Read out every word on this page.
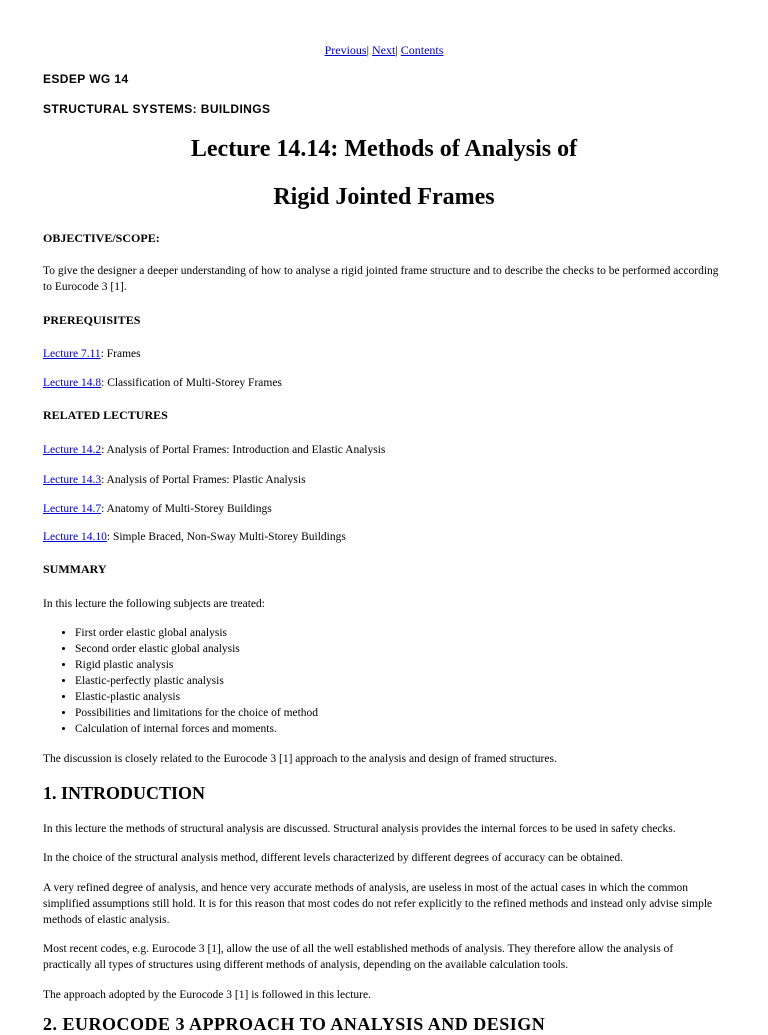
Previous| Next| Contents
ESDEP WG 14
STRUCTURAL SYSTEMS: BUILDINGS
Lecture 14.14: Methods of Analysis of
Rigid Jointed Frames
OBJECTIVE/SCOPE:
To give the designer a deeper understanding of how to analyse a rigid jointed frame structure and to describe the checks to be performed according to Eurocode 3 [1].
PREREQUISITES
Lecture 7.11: Frames
Lecture 14.8: Classification of Multi-Storey Frames
RELATED LECTURES
Lecture 14.2: Analysis of Portal Frames: Introduction and Elastic Analysis
Lecture 14.3: Analysis of Portal Frames: Plastic Analysis
Lecture 14.7: Anatomy of Multi-Storey Buildings
Lecture 14.10: Simple Braced, Non-Sway Multi-Storey Buildings
SUMMARY
In this lecture the following subjects are treated:
• First order elastic global analysis
• Second order elastic global analysis
• Rigid plastic analysis
• Elastic-perfectly plastic analysis
• Elastic-plastic analysis
• Possibilities and limitations for the choice of method
• Calculation of internal forces and moments.
The discussion is closely related to the Eurocode 3 [1] approach to the analysis and design of framed structures.
1. INTRODUCTION
In this lecture the methods of structural analysis are discussed. Structural analysis provides the internal forces to be used in safety checks.
In the choice of the structural analysis method, different levels characterized by different degrees of accuracy can be obtained.
A very refined degree of analysis, and hence very accurate methods of analysis, are useless in most of the actual cases in which the common simplified assumptions still hold. It is for this reason that most codes do not refer explicitly to the refined methods and instead only advise simple methods of elastic analysis.
Most recent codes, e.g. Eurocode 3 [1], allow the use of all the well established methods of analysis. They therefore allow the analysis of practically all types of structures using different methods of analysis, depending on the available calculation tools.
The approach adopted by the Eurocode 3 [1] is followed in this lecture.
2. EUROCODE 3 APPROACH TO ANALYSIS AND DESIGN
